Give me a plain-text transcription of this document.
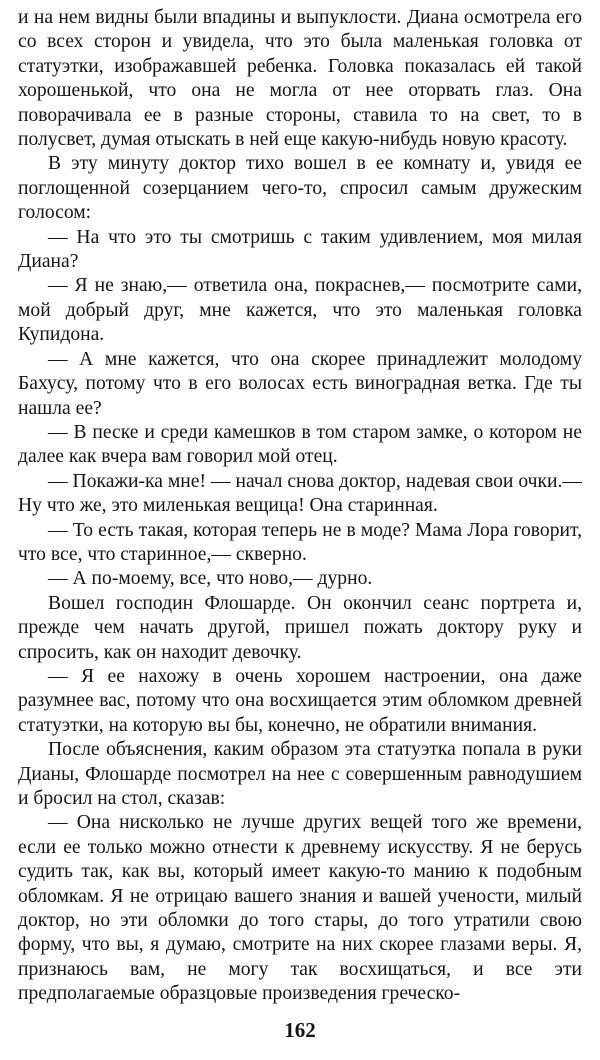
и на нем видны были впадины и выпуклости. Диана осмотрела его со всех сторон и увидела, что это была маленькая головка от статуэтки, изображавшей ребенка. Головка показалась ей такой хорошенькой, что она не могла от нее оторвать глаз. Она поворачивала ее в разные стороны, ставила то на свет, то в полусвет, думая отыскать в ней еще какую-нибудь новую красоту.

В эту минуту доктор тихо вошел в ее комнату и, увидя ее поглощенной созерцанием чего-то, спросил самым дружеским голосом:

— На что это ты смотришь с таким удивлением, моя милая Диана?

— Я не знаю,— ответила она, покраснев,— посмотрите сами, мой добрый друг, мне кажется, что это маленькая головка Купидона.

— А мне кажется, что она скорее принадлежит молодому Бахусу, потому что в его волосах есть виноградная ветка. Где ты нашла ее?

— В песке и среди камешков в том старом замке, о котором не далее как вчера вам говорил мой отец.

— Покажи-ка мне! — начал снова доктор, надевая свои очки.— Ну что же, это миленькая вещица! Она старинная.

— То есть такая, которая теперь не в моде? Мама Лора говорит, что все, что старинное,— скверно.

— А по-моему, все, что ново,— дурно.

Вошел господин Флошарде. Он окончил сеанс портрета и, прежде чем начать другой, пришел пожать доктору руку и спросить, как он находит девочку.

— Я ее нахожу в очень хорошем настроении, она даже разумнее вас, потому что она восхищается этим обломком древней статуэтки, на которую вы бы, конечно, не обратили внимания.

После объяснения, каким образом эта статуэтка попала в руки Дианы, Флошарде посмотрел на нее с совершенным равнодушием и бросил на стол, сказав:

— Она нисколько не лучше других вещей того же времени, если ее только можно отнести к древнему искусству. Я не берусь судить так, как вы, который имеет какую-то манию к подобным обломкам. Я не отрицаю вашего знания и вашей учености, милый доктор, но эти обломки до того стары, до того утратили свою форму, что вы, я думаю, смотрите на них скорее глазами веры. Я, признаюсь вам, не могу так восхищаться, и все эти предполагаемые образцовые произведения греческо-

162
